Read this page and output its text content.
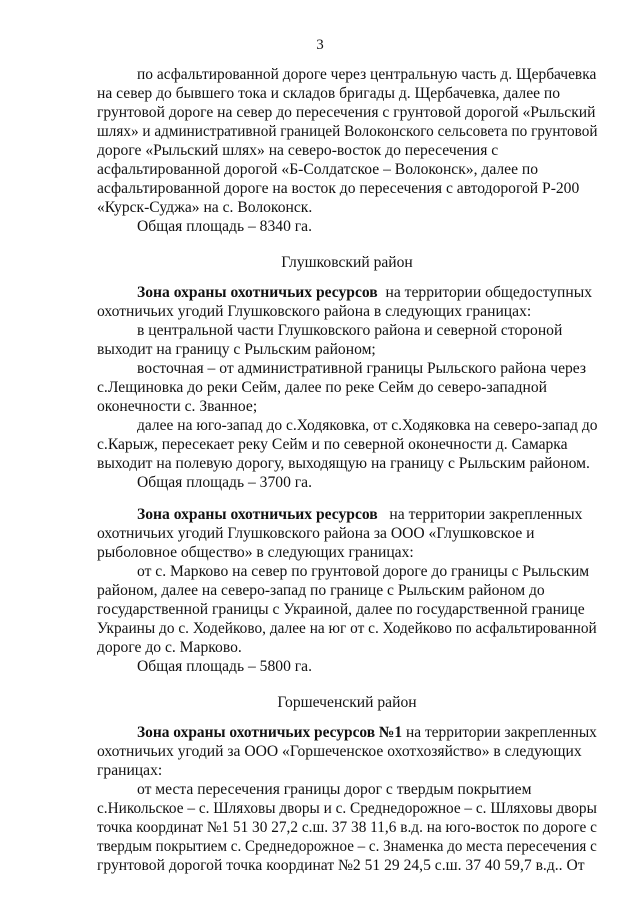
3
по асфальтированной дороге через центральную часть д. Щербачевка
на север до бывшего тока и складов бригады д. Щербачевка, далее по
грунтовой дороге на север до пересечения с грунтовой дорогой «Рыльский
шлях» и административной границей Волоконского сельсовета по грунтовой
дороге «Рыльский шлях» на северо-восток до пересечения с
асфальтированной дорогой «Б-Солдатское – Волоконск», далее по
асфальтированной дороге на восток до пересечения с автодорогой Р-200
«Курск-Суджа» на с. Волоконск.
Общая площадь – 8340 га.
Глушковский район
Зона охраны охотничьих ресурсов на территории общедоступных
охотничьих угодий Глушковского района в следующих границах:
в центральной части Глушковского района и северной стороной
выходит на границу с Рыльским районом;
восточная – от административной границы Рыльского района через
с.Лещиновка до реки Сейм, далее по реке Сейм до северо-западной
оконечности с. Званное;
далее на юго-запад до с.Ходяковка, от с.Ходяковка на северо-запад до
с.Карыж, пересекает реку Сейм и по северной оконечности д. Самарка
выходит на полевую дорогу, выходящую на границу с Рыльским районом.
Общая площадь – 3700 га.
Зона охраны охотничьих ресурсов на территории закрепленных
охотничьих угодий Глушковского района за ООО «Глушковское и
рыболовное общество» в следующих границах:
от с. Марково на север по грунтовой дороге до границы с Рыльским
районом, далее на северо-запад по границе с Рыльским районом до
государственной границы с Украиной, далее по государственной границе
Украины до с. Ходейково, далее на юг от с. Ходейково по асфальтированной
дороге до с. Марково.
Общая площадь – 5800 га.
Горшеченский район
Зона охраны охотничьих ресурсов №1 на территории закрепленных
охотничьих угодий за ООО «Горшеченское охотхозяйство» в следующих
границах:
от места пересечения границы дорог с твердым покрытием
с.Никольское – с. Шляховы дворы и с. Среднедорожное – с. Шляховы дворы
точка координат №1 51 30 27,2 с.ш. 37 38 11,6 в.д. на юго-восток по дороге с
твердым покрытием с. Среднедорожное – с. Знаменка до места пересечения с
грунтовой дорогой точка координат №2 51 29 24,5 с.ш. 37 40 59,7 в.д.. От
